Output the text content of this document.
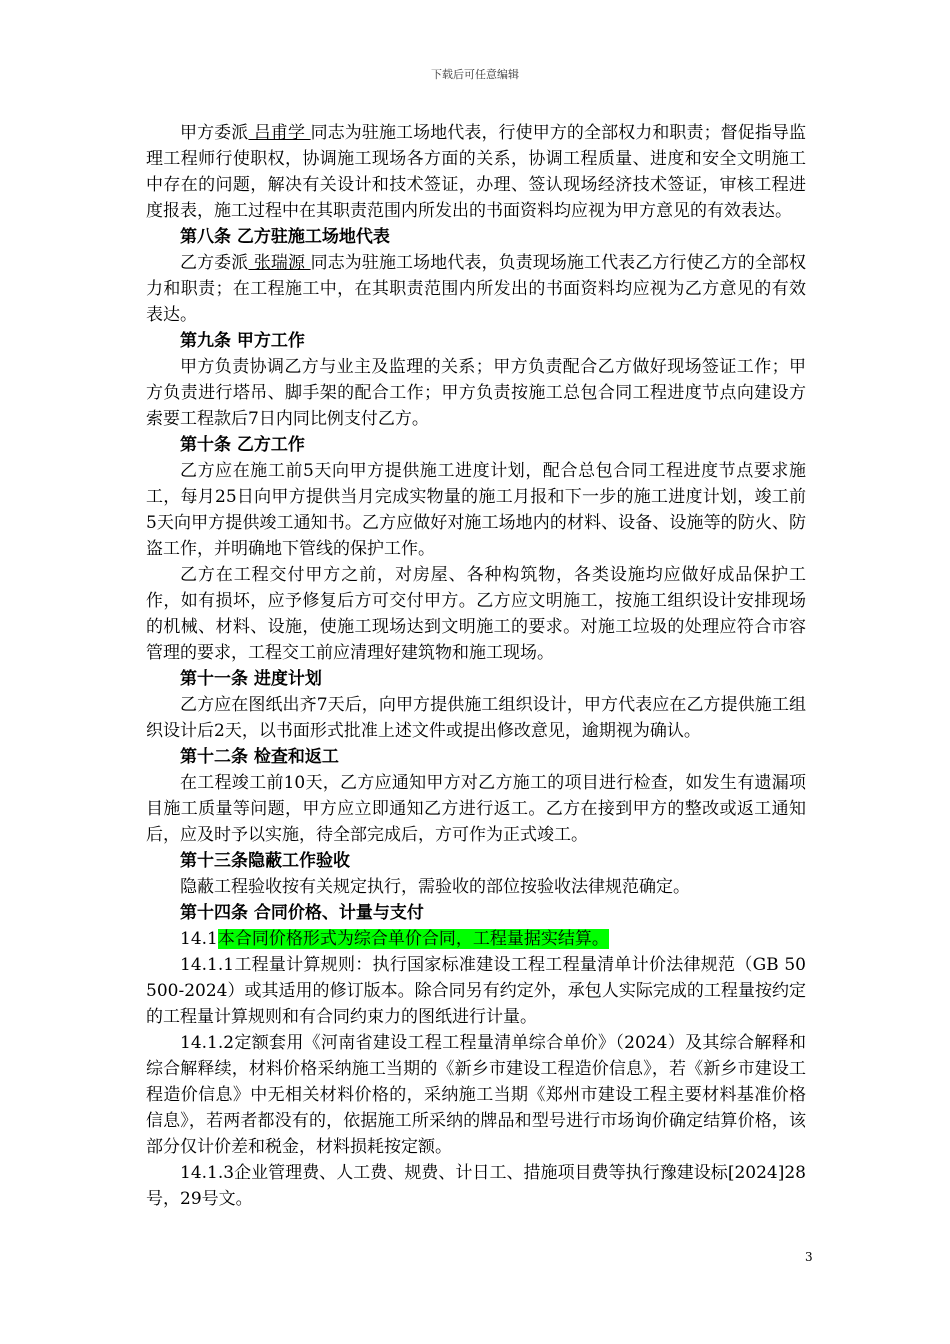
下载后可任意编辑

甲方委派 吕甫学 同志为驻施工场地代表，行使甲方的全部权力和职责；督促指导监理工程师行使职权，协调施工现场各方面的关系，协调工程质量、进度和安全文明施工中存在的问题，解决有关设计和技术签证，办理、签认现场经济技术签证，审核工程进度报表，施工过程中在其职责范围内所发出的书面资料均应视为甲方意见的有效表达。

第八条 乙方驻施工场地代表

乙方委派 张瑞源 同志为驻施工场地代表，负责现场施工代表乙方行使乙方的全部权力和职责；在工程施工中，在其职责范围内所发出的书面资料均应视为乙方意见的有效表达。

第九条 甲方工作

甲方负责协调乙方与业主及监理的关系；甲方负责配合乙方做好现场签证工作；甲方负责进行塔吊、脚手架的配合工作；甲方负责按施工总包合同工程进度节点向建设方索要工程款后7日内同比例支付乙方。

第十条 乙方工作

乙方应在施工前5天向甲方提供施工进度计划，配合总包合同工程进度节点要求施工，每月25日向甲方提供当月完成实物量的施工月报和下一步的施工进度计划，竣工前5天向甲方提供竣工通知书。乙方应做好对施工场地内的材料、设备、设施等的防火、防盗工作，并明确地下管线的保护工作。

乙方在工程交付甲方之前，对房屋、各种构筑物，各类设施均应做好成品保护工作，如有损坏，应予修复后方可交付甲方。乙方应文明施工，按施工组织设计安排现场的机械、材料、设施，使施工现场达到文明施工的要求。对施工垃圾的处理应符合市容管理的要求，工程交工前应清理好建筑物和施工现场。

第十一条 进度计划

乙方应在图纸出齐7天后，向甲方提供施工组织设计，甲方代表应在乙方提供施工组织设计后2天，以书面形式批准上述文件或提出修改意见，逾期视为确认。

第十二条 检查和返工

在工程竣工前10天，乙方应通知甲方对乙方施工的项目进行检查，如发生有遗漏项目施工质量等问题，甲方应立即通知乙方进行返工。乙方在接到甲方的整改或返工通知后，应及时予以实施，待全部完成后，方可作为正式竣工。

第十三条隐蔽工作验收

隐蔽工程验收按有关规定执行，需验收的部位按验收法律规范确定。

第十四条 合同价格、计量与支付

14.1本合同价格形式为综合单价合同，工程量据实结算。

14.1.1工程量计算规则：执行国家标准建设工程工程量清单计价法律规范（GB 50500-2024）或其适用的修订版本。除合同另有约定外，承包人实际完成的工程量按约定的工程量计算规则和有合同约束力的图纸进行计量。

14.1.2定额套用《河南省建设工程工程量清单综合单价》（2024）及其综合解释和综合解释续，材料价格采纳施工当期的《新乡市建设工程造价信息》，若《新乡市建设工程造价信息》中无相关材料价格的，采纳施工当期《郑州市建设工程主要材料基准价格信息》，若两者都没有的，依据施工所采纳的牌品和型号进行市场询价确定结算价格，该部分仅计价差和税金，材料损耗按定额。

14.1.3企业管理费、人工费、规费、计日工、措施项目费等执行豫建设标[2024]28号，29号文。

3
